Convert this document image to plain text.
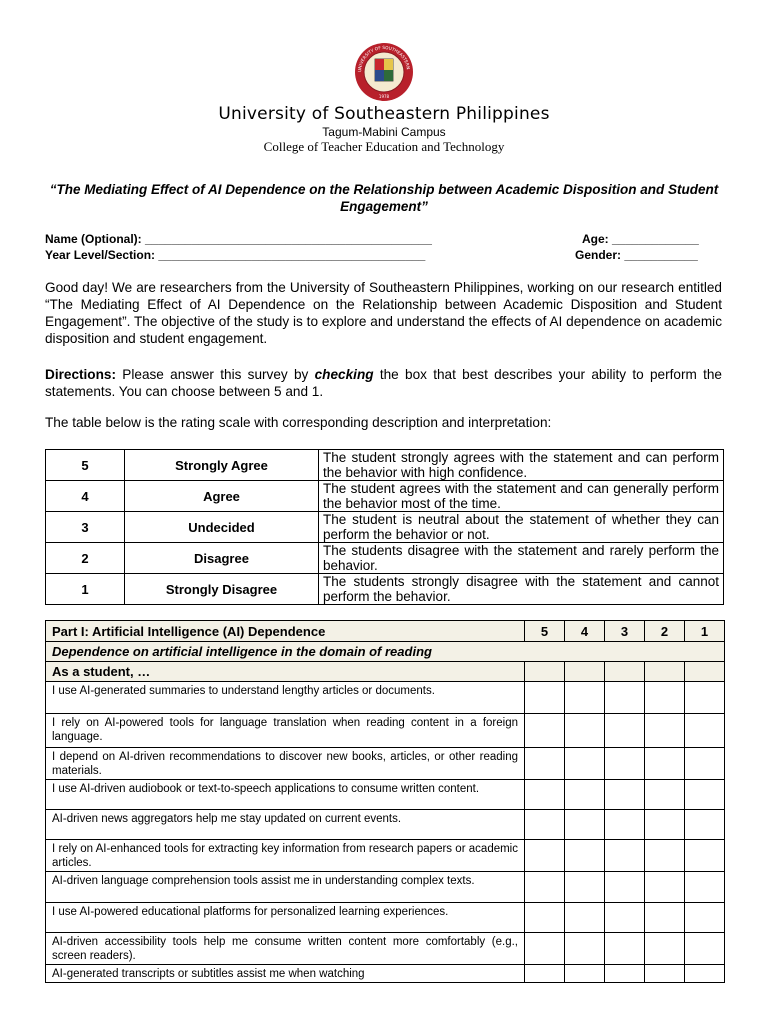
UNIVERSITY OF SOUTHEASTERN
1978
University of Southeastern Philippines
Tagum-Mabini Campus
College of Teacher Education and Technology
“The Mediating Effect of AI Dependence on the Relationship between Academic Disposition and Student Engagement”
Name (Optional): ___________________________________________	Age: _____________
Year Level/Section: ________________________________________	Gender: ___________
Good day! We are researchers from the University of Southeastern Philippines, working on our research entitled “The Mediating Effect of AI Dependence on the Relationship between Academic Disposition and Student Engagement”. The objective of the study is to explore and understand the effects of AI dependence on academic disposition and student engagement.
Directions: Please answer this survey by checking the box that best describes your ability to perform the statements. You can choose between 5 and 1.
The table below is the rating scale with corresponding description and interpretation:
5	Strongly Agree	The student strongly agrees with the statement and can perform the behavior with high confidence.
4	Agree	The student agrees with the statement and can generally perform the behavior most of the time.
3	Undecided	The student is neutral about the statement of whether they can perform the behavior or not.
2	Disagree	The students disagree with the statement and rarely perform the behavior.
1	Strongly Disagree	The students strongly disagree with the statement and cannot perform the behavior.
Part I: Artificial Intelligence (AI) Dependence	5	4	3	2	1
Dependence on artificial intelligence in the domain of reading					
As a student, …					
I use AI-generated summaries to understand lengthy articles or documents.					
I rely on AI-powered tools for language translation when reading content in a foreign language.					
I depend on AI-driven recommendations to discover new books, articles, or other reading materials.					
I use AI-driven audiobook or text-to-speech applications to consume written content.					
AI-driven news aggregators help me stay updated on current events.					
I rely on AI-enhanced tools for extracting key information from research papers or academic articles.					
AI-driven language comprehension tools assist me in understanding complex texts.					
I use AI-powered educational platforms for personalized learning experiences.					
AI-driven accessibility tools help me consume written content more comfortably (e.g., screen readers).					
AI-generated transcripts or subtitles assist me when watching					
